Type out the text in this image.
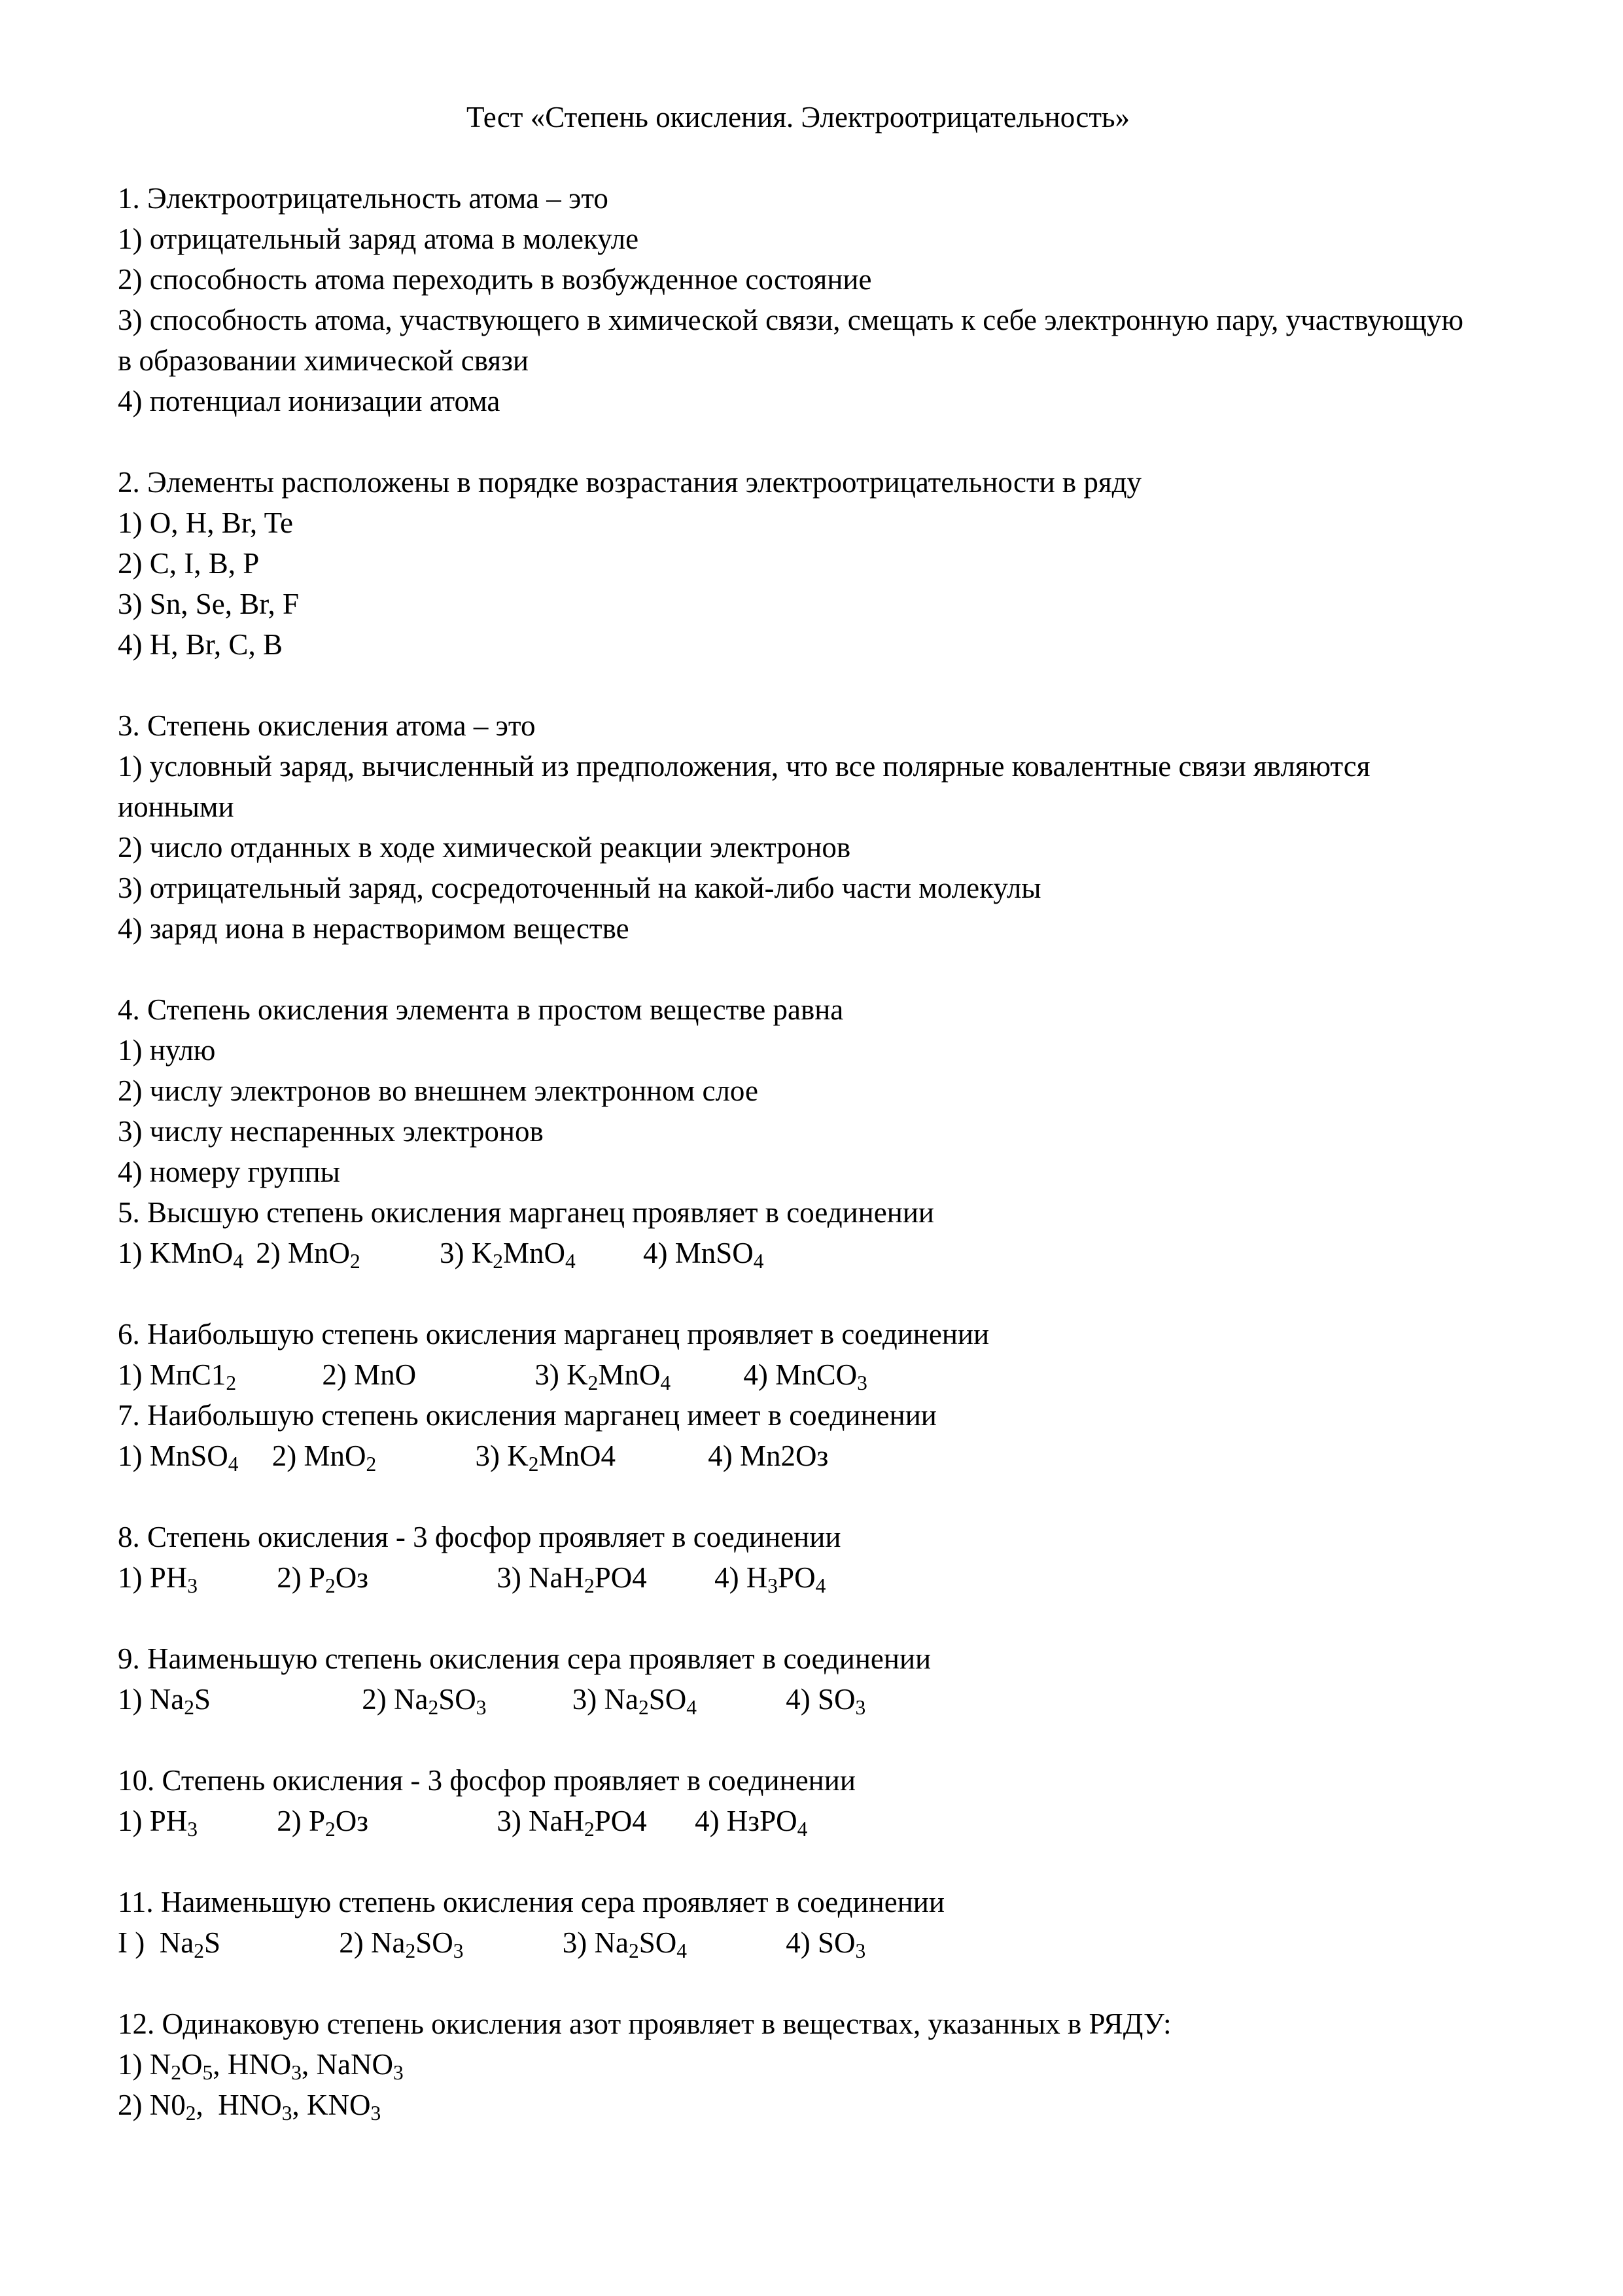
Тест «Степень окисления. Электроотрицательность»
1. Электроотрицательность атома – это
1) отрицательный заряд атома в молекуле
2) способность атома переходить в возбужденное состояние
3) способность атома, участвующего в химической связи, смещать к себе электронную пару, участвующую в образовании химической связи
4) потенциал ионизации атома
2. Элементы расположены в порядке возрастания электроотрицательности в ряду
1) O, H, Br, Te
2) C, I, B, P
3) Sn, Se, Br, F
4) H, Br, C, B
3. Степень окисления атома – это
1) условный заряд, вычисленный из предположения, что все полярные ковалентные связи являются ионными
2) число отданных в ходе химической реакции электронов
3) отрицательный заряд, сосредоточенный на какой-либо части молекулы
4) заряд иона в нерастворимом веществе
4. Степень окисления элемента в простом веществе равна
1) нулю
2) числу электронов во внешнем электронном слое
3) числу неспаренных электронов
4) номеру группы
5. Высшую степень окисления марганец проявляет в соединении
1) KMnO$_4$ 2) MnO$_2$	3) $K_2MnO_4$ 4) MnSO$_4$
6. Наибольшую степень окисления марганец проявляет в соединении
1) $МпС1_2$	2) MnO	3) $K_2MnO_4$ 4) MnCO$_3$
7. Наибольшую степень окисления марганец имеет в соединении
1) MnSO$_4$ 2) MnO$_2$	3) $K_2MnO4$	4) Mn2Oз
8. Степень окисления - 3 фосфор проявляет в соединении
1) $PH_3$	2) $P_2Oз$	3) NaH$_2$PO4 4) $H_3PO_4$
9. Наименьшую степень окисления сера проявляет в соединении
1) $Na_2S$	2) $Na_2SO_3$	3) $Na_2SO_4$	4) $SO_3$
10. Степень окисления - 3 фосфор проявляет в соединении
1) $PH_3$	2) $P_2Oз$	3) NaH$_2$PO4 4) HзPO$_4$
11. Наименьшую степень окисления сера проявляет в соединении
I )  $Na_2S$	2) $Na_2SO_3$	3) $Na_2SO_4$	4) $SO_3$
12. Одинаковую степень окисления азот проявляет в веществах, указанных в РЯДУ:
1) $N_2O_5$, $HNO_3$, NaNO$_3$
2) $N0_2$,  $HNO_3$, $KNO_3$
